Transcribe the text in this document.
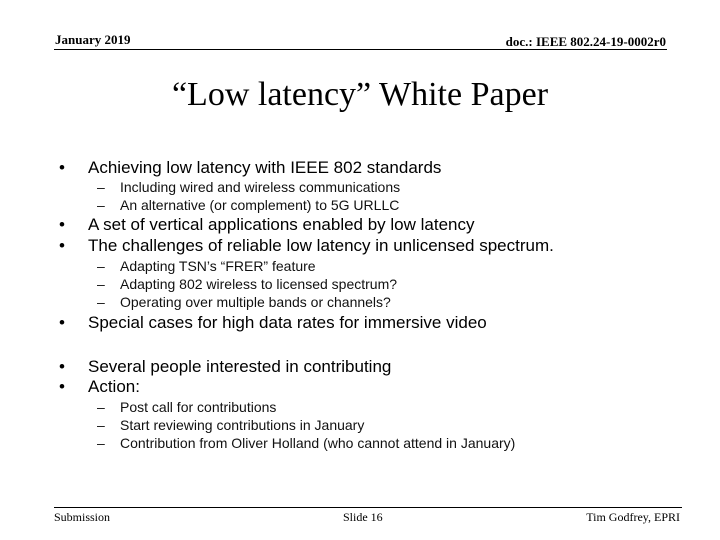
January 2019	doc.: IEEE 802.24-19-0002r0
“Low latency” White Paper
• Achieving low latency with IEEE 802 standards
– Including wired and wireless communications
– An alternative (or complement) to 5G URLLC
• A set of vertical applications enabled by low latency
• The challenges of reliable low latency in unlicensed spectrum.
– Adapting TSN’s “FRER” feature
– Adapting 802 wireless to licensed spectrum?
– Operating over multiple bands or channels?
• Special cases for high data rates for immersive video
• Several people interested in contributing
• Action:
– Post call for contributions
– Start reviewing contributions in January
– Contribution from Oliver Holland (who cannot attend in January)
Submission	Slide 16	Tim Godfrey, EPRI
